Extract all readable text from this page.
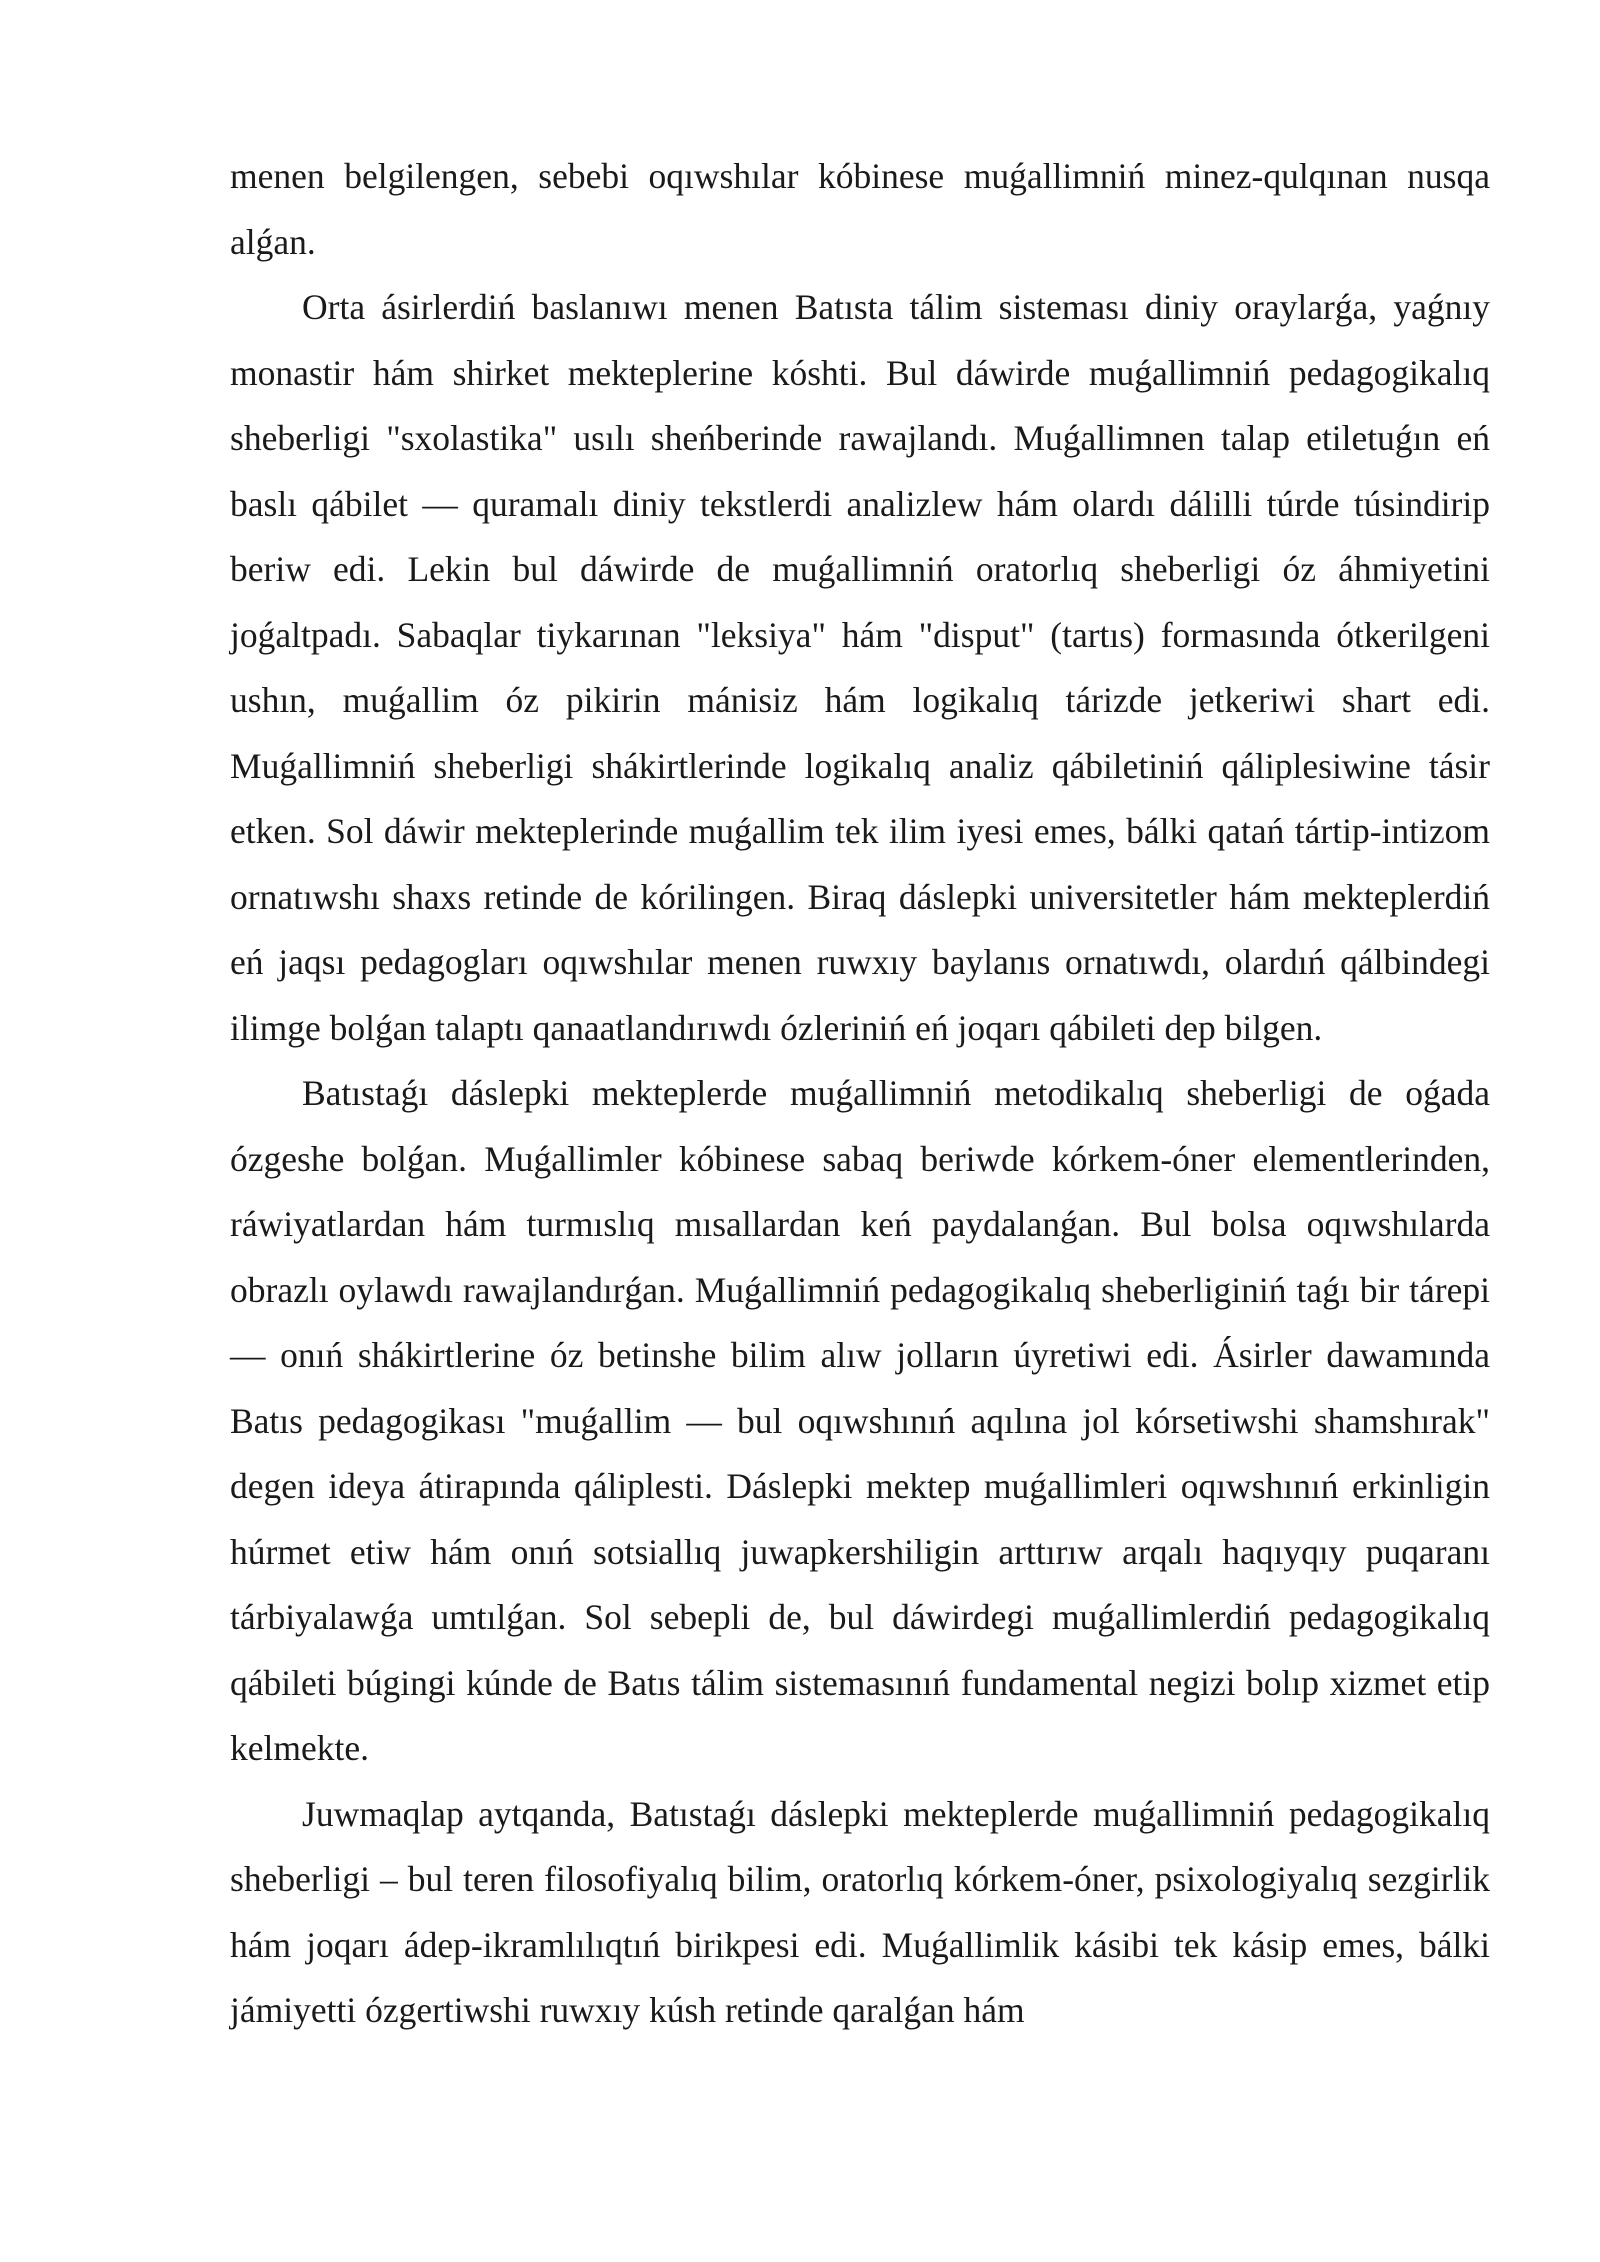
menen belgilengen, sebebi oqıwshılar kóbinese muǵallimniń minez-qulqınan nusqa alǵan.

Orta ásirlerdiń baslanıwı menen Batısta tálim sisteması diniy oraylarǵa, yaǵnıy monastir hám shirket mekteplerine kóshti. Bul dáwirde muǵallimniń pedagogikalıq sheberligi "sxolastika" usılı sheńberinde rawajlandı. Muǵallimnen talap etiletuǵın eń baslı qábilet — quramalı diniy tekstlerdi analizlew hám olardı dálilli túrde túsindirip beriw edi. Lekin bul dáwirde de muǵallimniń oratorlıq sheberligi óz áhmiyetini joǵaltpadı. Sabaqlar tiykarınan "leksiya" hám "disput" (tartıs) formasında ótkerilgeni ushın, muǵallim óz pikirin mánisiz hám logikalıq tárizde jetkeriwi shart edi. Muǵallimniń sheberligi shákirtlerinde logikalıq analiz qábiletiniń qáliplesiwine tásir etken. Sol dáwir mekteplerinde muǵallim tek ilim iyesi emes, bálki qatań tártip-intizom ornatıwshı shaxs retinde de kórilingen. Biraq dáslepki universitetler hám mekteplerdiń eń jaqsı pedagogları oqıwshılar menen ruwxıy baylanıs ornatıwdı, olardıń qálbindegi ilimge bolǵan talaptı qanaatlandırıwdı ózleriniń eń joqarı qábileti dep bilgen.

Batıstaǵı dáslepki mekteplerde muǵallimniń metodikalıq sheberligi de oǵada ózgeshe bolǵan. Muǵallimler kóbinese sabaq beriwde kórkem-óner elementlerinden, ráwiyatlardan hám turmıslıq mısallardan keń paydalanǵan. Bul bolsa oqıwshılarda obrazlı oylawdı rawajlandırǵan. Muǵallimniń pedagogikalıq sheberliginiń taǵı bir tárepi — onıń shákirtlerine óz betinshe bilim alıw jolların úyretiwi edi. Ásirler dawamında Batıs pedagogikası "muǵallim — bul oqıwshınıń aqılına jol kórsetiwshi shamshırak" degen ideya átirapında qáliplesti. Dáslepki mektep muǵallimleri oqıwshınıń erkinligin húrmet etiw hám onıń sotsiallıq juwapkershiligin arttırıw arqalı haqıyqıy puqaranı tárbiyalawǵa umtılǵan. Sol sebepli de, bul dáwirdegi muǵallimlerdiń pedagogikalıq qábileti búgingi kúnde de Batıs tálim sistemasınıń fundamental negizi bolıp xizmet etip kelmekte.

Juwmaqlap aytqanda, Batıstaǵı dáslepki mekteplerde muǵallimniń pedagogikalıq sheberligi – bul teren filosofiyalıq bilim, oratorlıq kórkem-óner, psixologiyalıq sezgirlik hám joqarı ádep-ikramlılıqtıń birikpesi edi. Muǵallimlik kásibi tek kásip emes, bálki jámiyetti ózgertiwshi ruwxıy kúsh retinde qaralǵan hám
